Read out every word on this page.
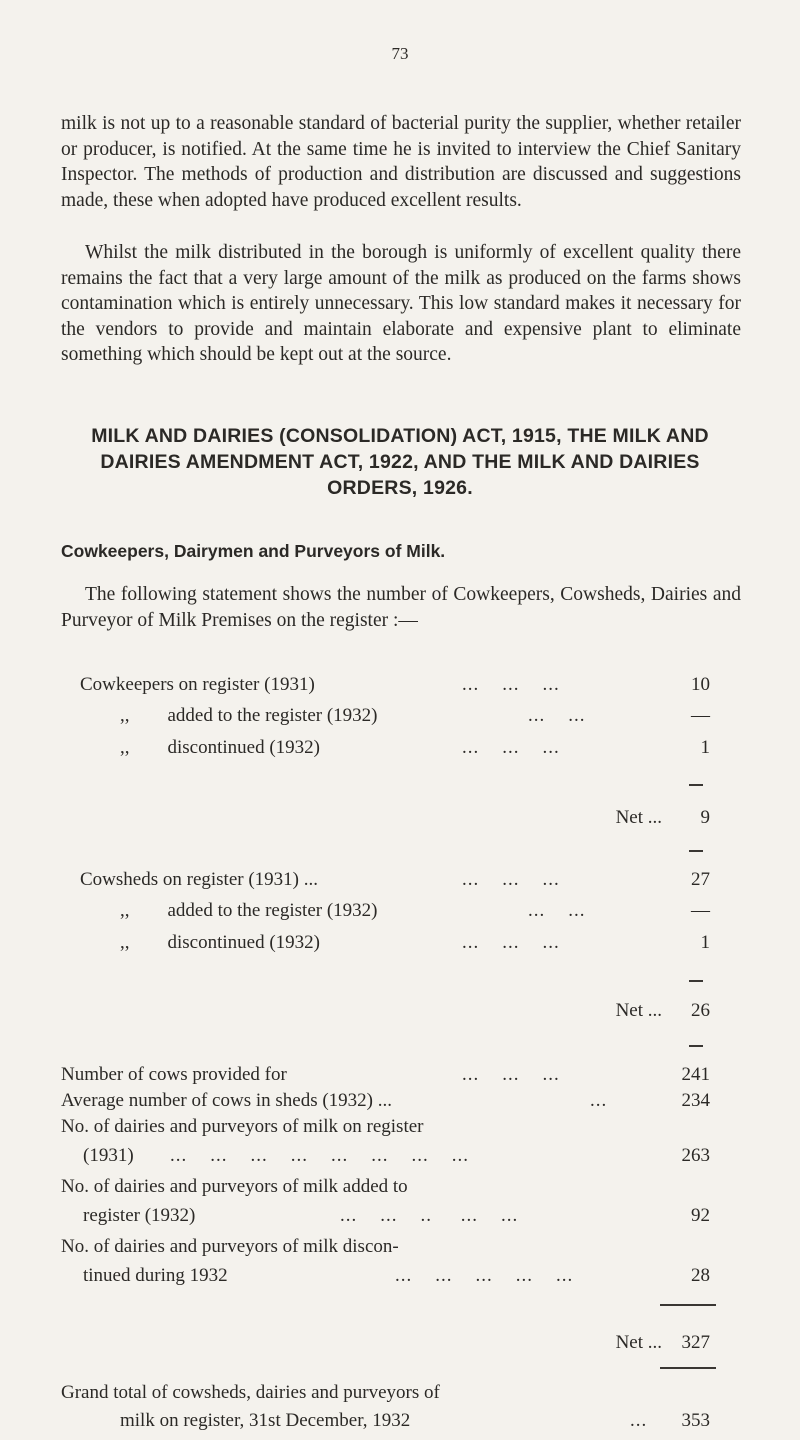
73

milk is not up to a reasonable standard of bacterial purity the supplier, whether retailer or producer, is notified. At the same time he is invited to interview the Chief Sanitary Inspector. The methods of production and distribution are discussed and suggestions made, these when adopted have produced excellent results.

Whilst the milk distributed in the borough is uniformly of excellent quality there remains the fact that a very large amount of the milk as produced on the farms shows contamination which is entirely unnecessary. This low standard makes it necessary for the vendors to provide and maintain elaborate and expensive plant to eliminate something which should be kept out at the source.

MILK AND DAIRIES (CONSOLIDATION) ACT, 1915, THE MILK AND DAIRIES AMENDMENT ACT, 1922, AND THE MILK AND DAIRIES ORDERS, 1926.
Cowkeepers, Dairymen and Purveyors of Milk.

The following statement shows the number of Cowkeepers, Cowsheds, Dairies and Purveyor of Milk Premises on the register :—

Cowkeepers on register (1931)	...    ...    ...	10
,,        added to the register (1932)	...    ...	—
,,        discontinued (1932)	...    ...    ...	1
Net ... 9
Cowsheds on register (1931) ...	...    ...    ...	27
,,        added to the register (1932)	...    ...	—
,,        discontinued (1932)	...    ...    ...	1
Net ... 26
Number of cows provided for	...    ...    ...	241
Average number of cows in sheds (1932) ...	...	234
No. of dairies and purveyors of milk on register
(1931) ...    ...    ...    ...    ...    ...    ...    ...	263
No. of dairies and purveyors of milk added to
register (1932)	...    ...    ..     ...    ...	92
No. of dairies and purveyors of milk discon-
tinued during 1932	...    ...    ...    ...    ...	28
Net ... 327
Grand total of cowsheds, dairies and purveyors of
milk on register, 31st December, 1932	... 353
